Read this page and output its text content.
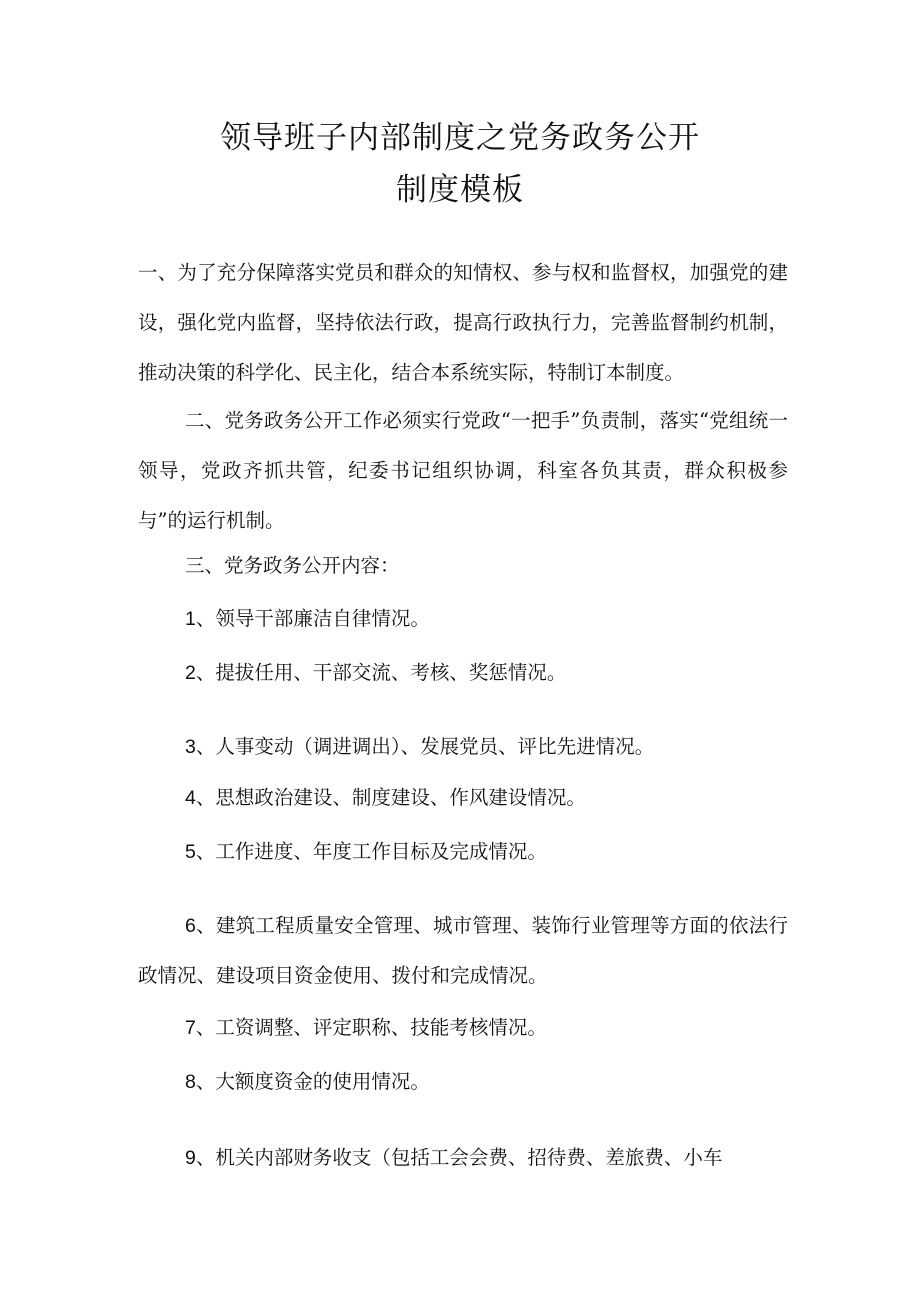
领导班子内部制度之党务政务公开
制度模板

一、为了充分保障落实党员和群众的知情权、参与权和监督权，加强党的建设，强化党内监督，坚持依法行政，提高行政执行力，完善监督制约机制，推动决策的科学化、民主化，结合本系统实际，特制订本制度。

二、党务政务公开工作必须实行党政“一把手”负责制，落实“党组统一领导，党政齐抓共管，纪委书记组织协调，科室各负其责，群众积极参与”的运行机制。

三、党务政务公开内容：

1、领导干部廉洁自律情况。

2、提拔任用、干部交流、考核、奖惩情况。

3、人事变动（调进调出）、发展党员、评比先进情况。

4、思想政治建设、制度建设、作风建设情况。

5、工作进度、年度工作目标及完成情况。

6、建筑工程质量安全管理、城市管理、装饰行业管理等方面的依法行政情况、建设项目资金使用、拨付和完成情况。

7、工资调整、评定职称、技能考核情况。

8、大额度资金的使用情况。

9、机关内部财务收支（包括工会会费、招待费、差旅费、小车
